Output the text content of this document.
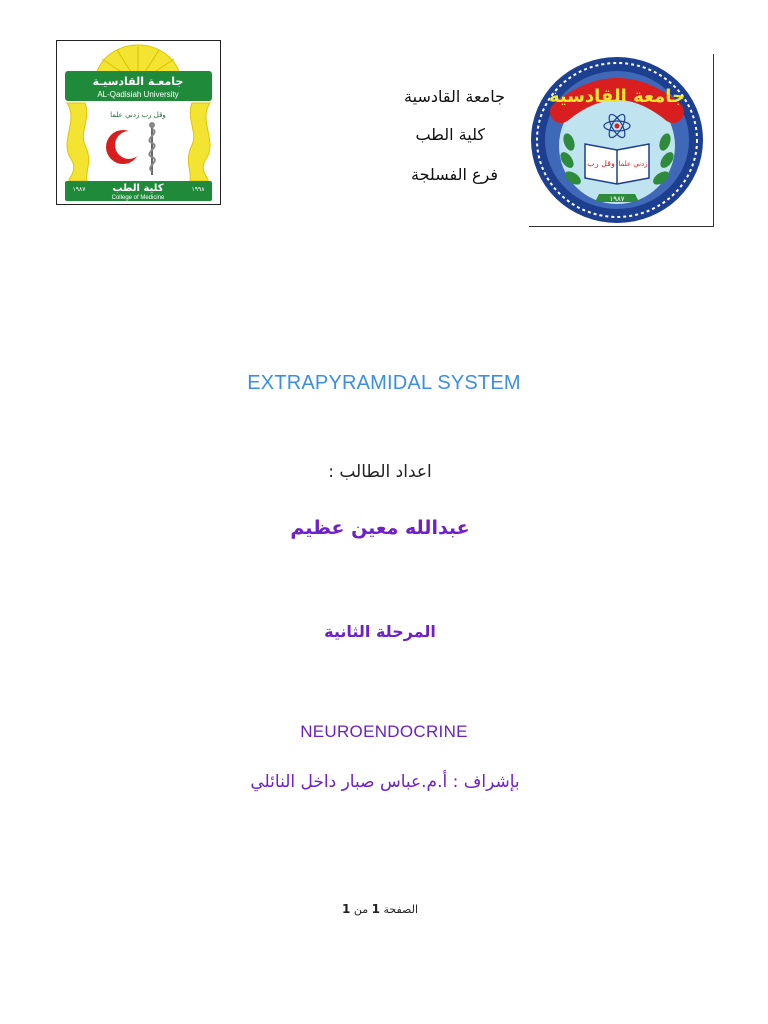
جامعـة القادسيـة
AL-Qadisiah University
وقل رب زدني علما
كلية الطب
College of Medicine
١٩٨٧	١٩٩٨
جامعة القادسية
كلية الطب
فرع الفسلجة
جامعة القادسية
وقل رب زدني علما
١٩٨٧
EXTRAPYRAMIDAL SYSTEM
اعداد الطالب :
عبدالله معين عظيم
المرحلة الثانية
NEUROENDOCRINE
بإشراف : أ.م.عباس صبار داخل النائلي
الصفحة 1 من 1
